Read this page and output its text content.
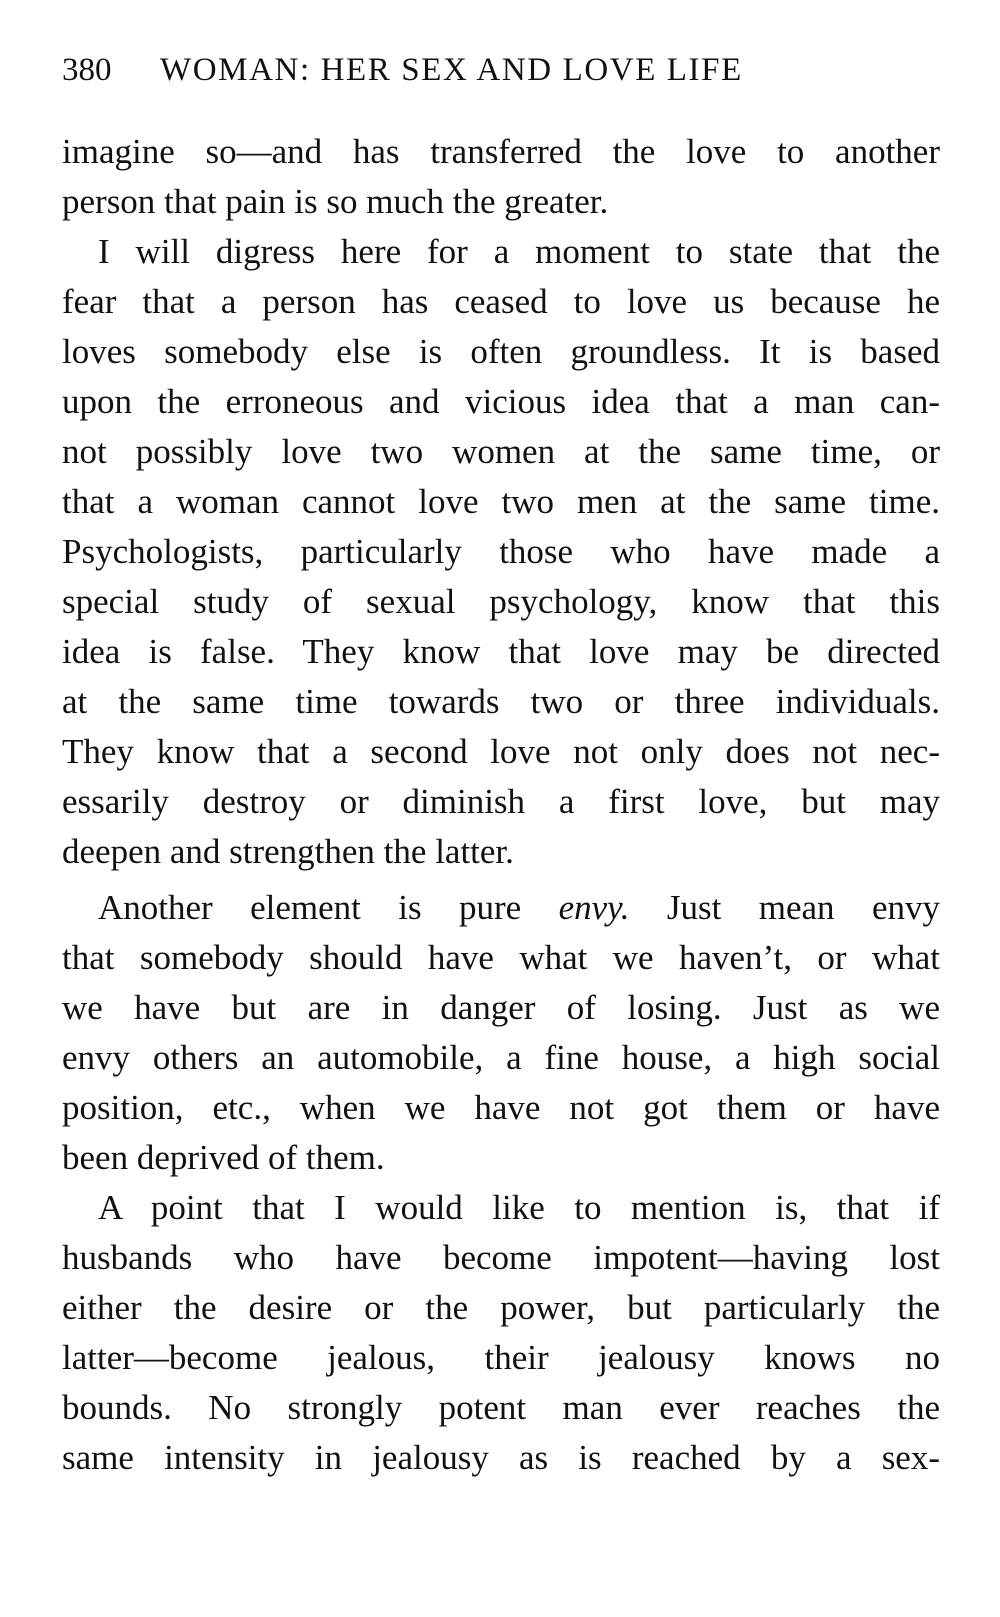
380 WOMAN: HER SEX AND LOVE LIFE
imagine so—and has transferred the love to another
person that pain is so much the greater.
I will digress here for a moment to state that the
fear that a person has ceased to love us because he
loves somebody else is often groundless. It is based
upon the erroneous and vicious idea that a man can-
not possibly love two women at the same time, or
that a woman cannot love two men at the same time.
Psychologists, particularly those who have made a
special study of sexual psychology, know that this
idea is false. They know that love may be directed
at the same time towards two or three individuals.
They know that a second love not only does not nec-
essarily destroy or diminish a first love, but may
deepen and strengthen the latter.
Another element is pure envy. Just mean envy
that somebody should have what we haven’t, or what
we have but are in danger of losing. Just as we
envy others an automobile, a fine house, a high social
position, etc., when we have not got them or have
been deprived of them.
A point that I would like to mention is, that if
husbands who have become impotent—having lost
either the desire or the power, but particularly the
latter—become jealous, their jealousy knows no
bounds. No strongly potent man ever reaches the
same intensity in jealousy as is reached by a sex-
